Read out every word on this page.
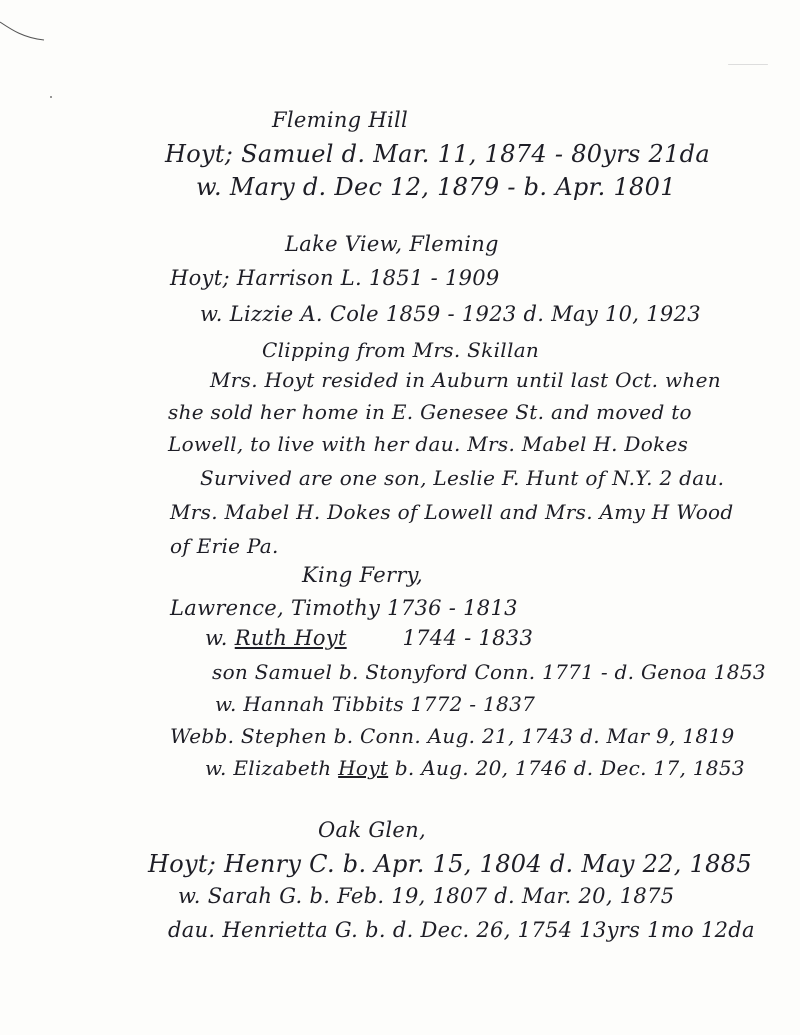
Fleming Hill
Hoyt; Samuel d. Mar. 11, 1874 - 80yrs 21da
w. Mary d. Dec 12, 1879 - b. Apr. 1801
Lake View, Fleming
Hoyt; Harrison L. 1851 - 1909
w. Lizzie A. Cole 1859 - 1923 d. May 10, 1923
Clipping from Mrs. Skillan
Mrs. Hoyt resided in Auburn until last Oct. when
she sold her home in E. Genesee St. and moved to
Lowell, to live with her dau. Mrs. Mabel H. Dokes
Survived are one son, Leslie F. Hunt of N.Y. 2 dau.
Mrs. Mabel H. Dokes of Lowell and Mrs. Amy H Wood
of Erie Pa.
King Ferry,
Lawrence, Timothy 1736 - 1813
w. Ruth Hoyt	1744 - 1833
son Samuel b. Stonyford Conn. 1771 - d. Genoa 1853
w. Hannah Tibbits 1772 - 1837
Webb. Stephen b. Conn. Aug. 21, 1743 d. Mar 9, 1819
w. Elizabeth Hoyt b. Aug. 20, 1746 d. Dec. 17, 1853
Oak Glen,
Hoyt; Henry C. b. Apr. 15, 1804 d. May 22, 1885
w. Sarah G. b. Feb. 19, 1807 d. Mar. 20, 1875
dau. Henrietta G. b. d. Dec. 26, 1754 13yrs 1mo 12da
